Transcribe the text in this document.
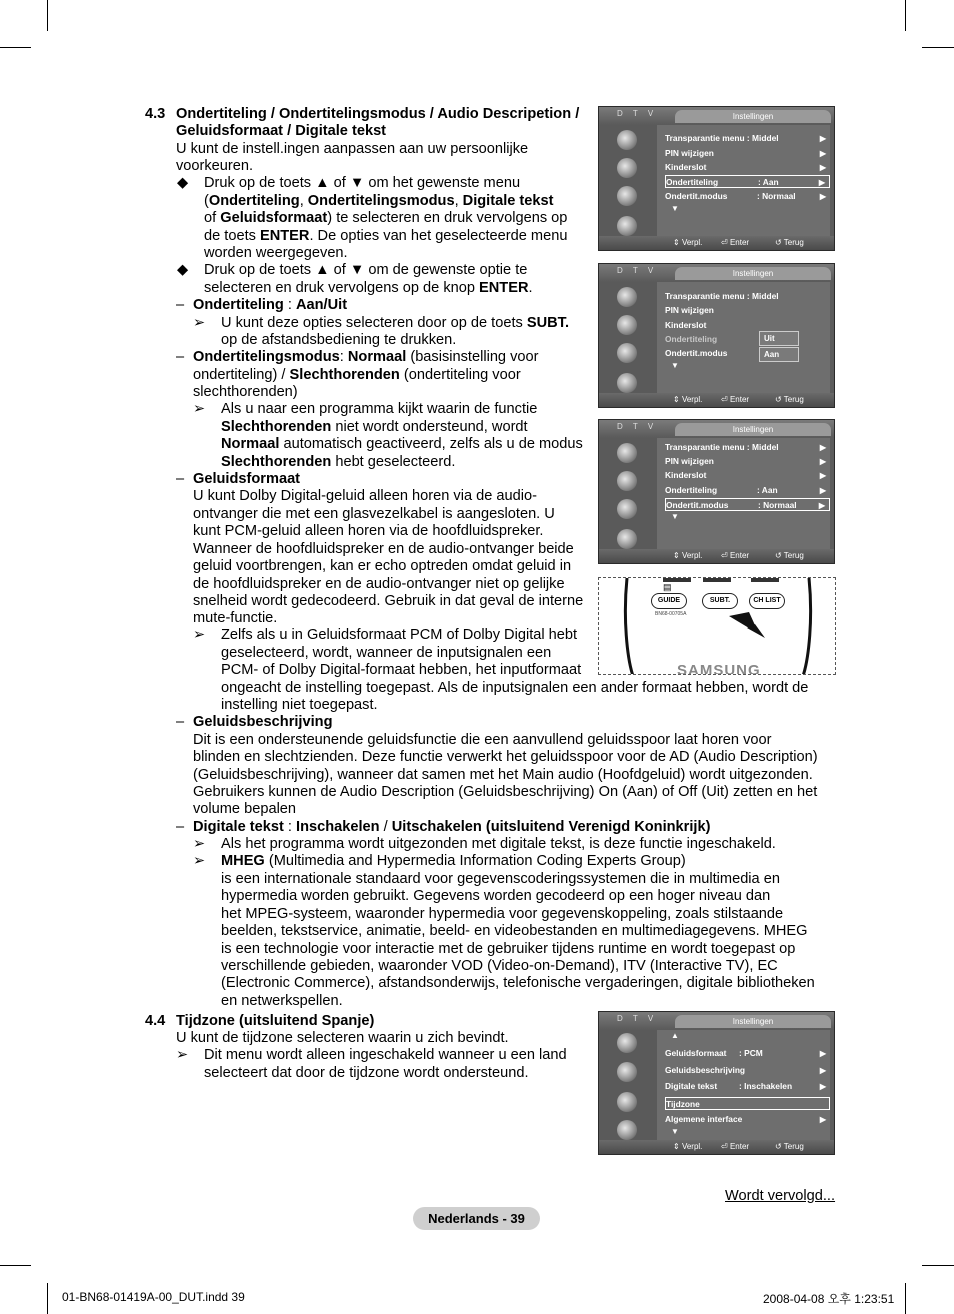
4.3 Ondertiteling / Ondertitelingsmodus / Audio Descripetion /
Geluidsformaat / Digitale tekst
U kunt de instell.ingen aanpassen aan uw persoonlijke
voorkeuren.
◆ Druk op de toets ▲ of ▼ om het gewenste menu
(Ondertiteling, Ondertitelingsmodus, Digitale tekst
of Geluidsformaat) te selecteren en druk vervolgens op
de toets ENTER. De opties van het geselecteerde menu
worden weergegeven.
◆ Druk op de toets ▲ of ▼ om de gewenste optie te
selecteren en druk vervolgens op de knop ENTER.
– Ondertiteling : Aan/Uit
➢ U kunt deze opties selecteren door op de toets SUBT.
op de afstandsbediening te drukken.
– Ondertitelingsmodus: Normaal (basisinstelling voor
ondertiteling) / Slechthorenden (ondertiteling voor
slechthorenden)
➢ Als u naar een programma kijkt waarin de functie
Slechthorenden niet wordt ondersteund, wordt
Normaal automatisch geactiveerd, zelfs als u de modus
Slechthorenden hebt geselecteerd.
– Geluidsformaat
U kunt Dolby Digital-geluid alleen horen via de audio-
ontvanger die met een glasvezelkabel is aangesloten. U
kunt PCM-geluid alleen horen via de hoofdluidspreker.
Wanneer de hoofdluidspreker en de audio-ontvanger beide
geluid voortbrengen, kan er echo optreden omdat geluid in
de hoofdluidspreker en de audio-ontvanger niet op gelijke
snelheid wordt gedecodeerd. Gebruik in dat geval de interne
mute-functie.
➢ Zelfs als u in Geluidsformaat PCM of Dolby Digital hebt
geselecteerd, wordt, wanneer de inputsignalen een
PCM- of Dolby Digital-formaat hebben, het inputformaat
ongeacht de instelling toegepast. Als de inputsignalen een ander formaat hebben, wordt de
instelling niet toegepast.
– Geluidsbeschrijving
Dit is een ondersteunende geluidsfunctie die een aanvullend geluidsspoor laat horen voor
blinden en slechtzienden. Deze functie verwerkt het geluidsspoor voor de AD (Audio Description)
(Geluidsbeschrijving), wanneer dat samen met het Main audio (Hoofdgeluid) wordt uitgezonden.
Gebruikers kunnen de Audio Description (Geluidsbeschrijving) On (Aan) of Off (Uit) zetten en het
volume bepalen
– Digitale tekst : Inschakelen / Uitschakelen (uitsluitend Verenigd Koninkrijk)
➢ Als het programma wordt uitgezonden met digitale tekst, is deze functie ingeschakeld.
➢ MHEG (Multimedia and Hypermedia Information Coding Experts Group)
is een internationale standaard voor gegevenscoderingssystemen die in multimedia en
hypermedia worden gebruikt. Gegevens worden gecodeerd op een hoger niveau dan
het MPEG-systeem, waaronder hypermedia voor gegevenskoppeling, zoals stilstaande
beelden, tekstservice, animatie, beeld- en videobestanden en multimediagegevens. MHEG
is een technologie voor interactie met de gebruiker tijdens runtime en wordt toegepast op
verschillende gebieden, waaronder VOD (Video-on-Demand), ITV (Interactive TV), EC
(Electronic Commerce), afstandsonderwijs, telefonische vergaderingen, digitale bibliotheken
en netwerkspellen.
4.4 Tijdzone (uitsluitend Spanje)
U kunt de tijdzone selecteren waarin u zich bevindt.
➢ Dit menu wordt alleen ingeschakeld wanneer u een land
selecteert dat door de tijdzone wordt ondersteund.
D T V	Instellingen
Transparantie menu : Middel	▶
PIN wijzigen	▶
Kinderslot	▶
Ondertiteling	: Aan	▶
Ondertit.modus	: Normaal	▶
▼
⇕ Verpl. ⏎ Enter	↺ Terug
D T V	Instellingen
Transparantie menu : Middel
PIN wijzigen
Kinderslot
Ondertiteling
Ondertit.modus
▼
Uit
Aan
⇕ Verpl. ⏎ Enter	↺ Terug
D T V	Instellingen
Transparantie menu : Middel	▶
PIN wijzigen	▶
Kinderslot	▶
Ondertiteling	: Aan	▶
Ondertit.modus	: Normaal	▶
▼
⇕ Verpl. ⏎ Enter	↺ Terug
▤
GUIDE	SUBT.	CH LIST
BN68-00705A
SAMSUNG
D T V	Instellingen
▲
Geluidsformaat : PCM	▶
Geluidsbeschrijving	▶
Digitale tekst	: Inschakelen	▶
Tijdzone
Algemene interface	▶
▼
⇕ Verpl. ⏎ Enter	↺ Terug
Wordt vervolgd...
Nederlands - 39
01-BN68-01419A-00_DUT.indd 39	2008-04-08 오후 1:23:51
